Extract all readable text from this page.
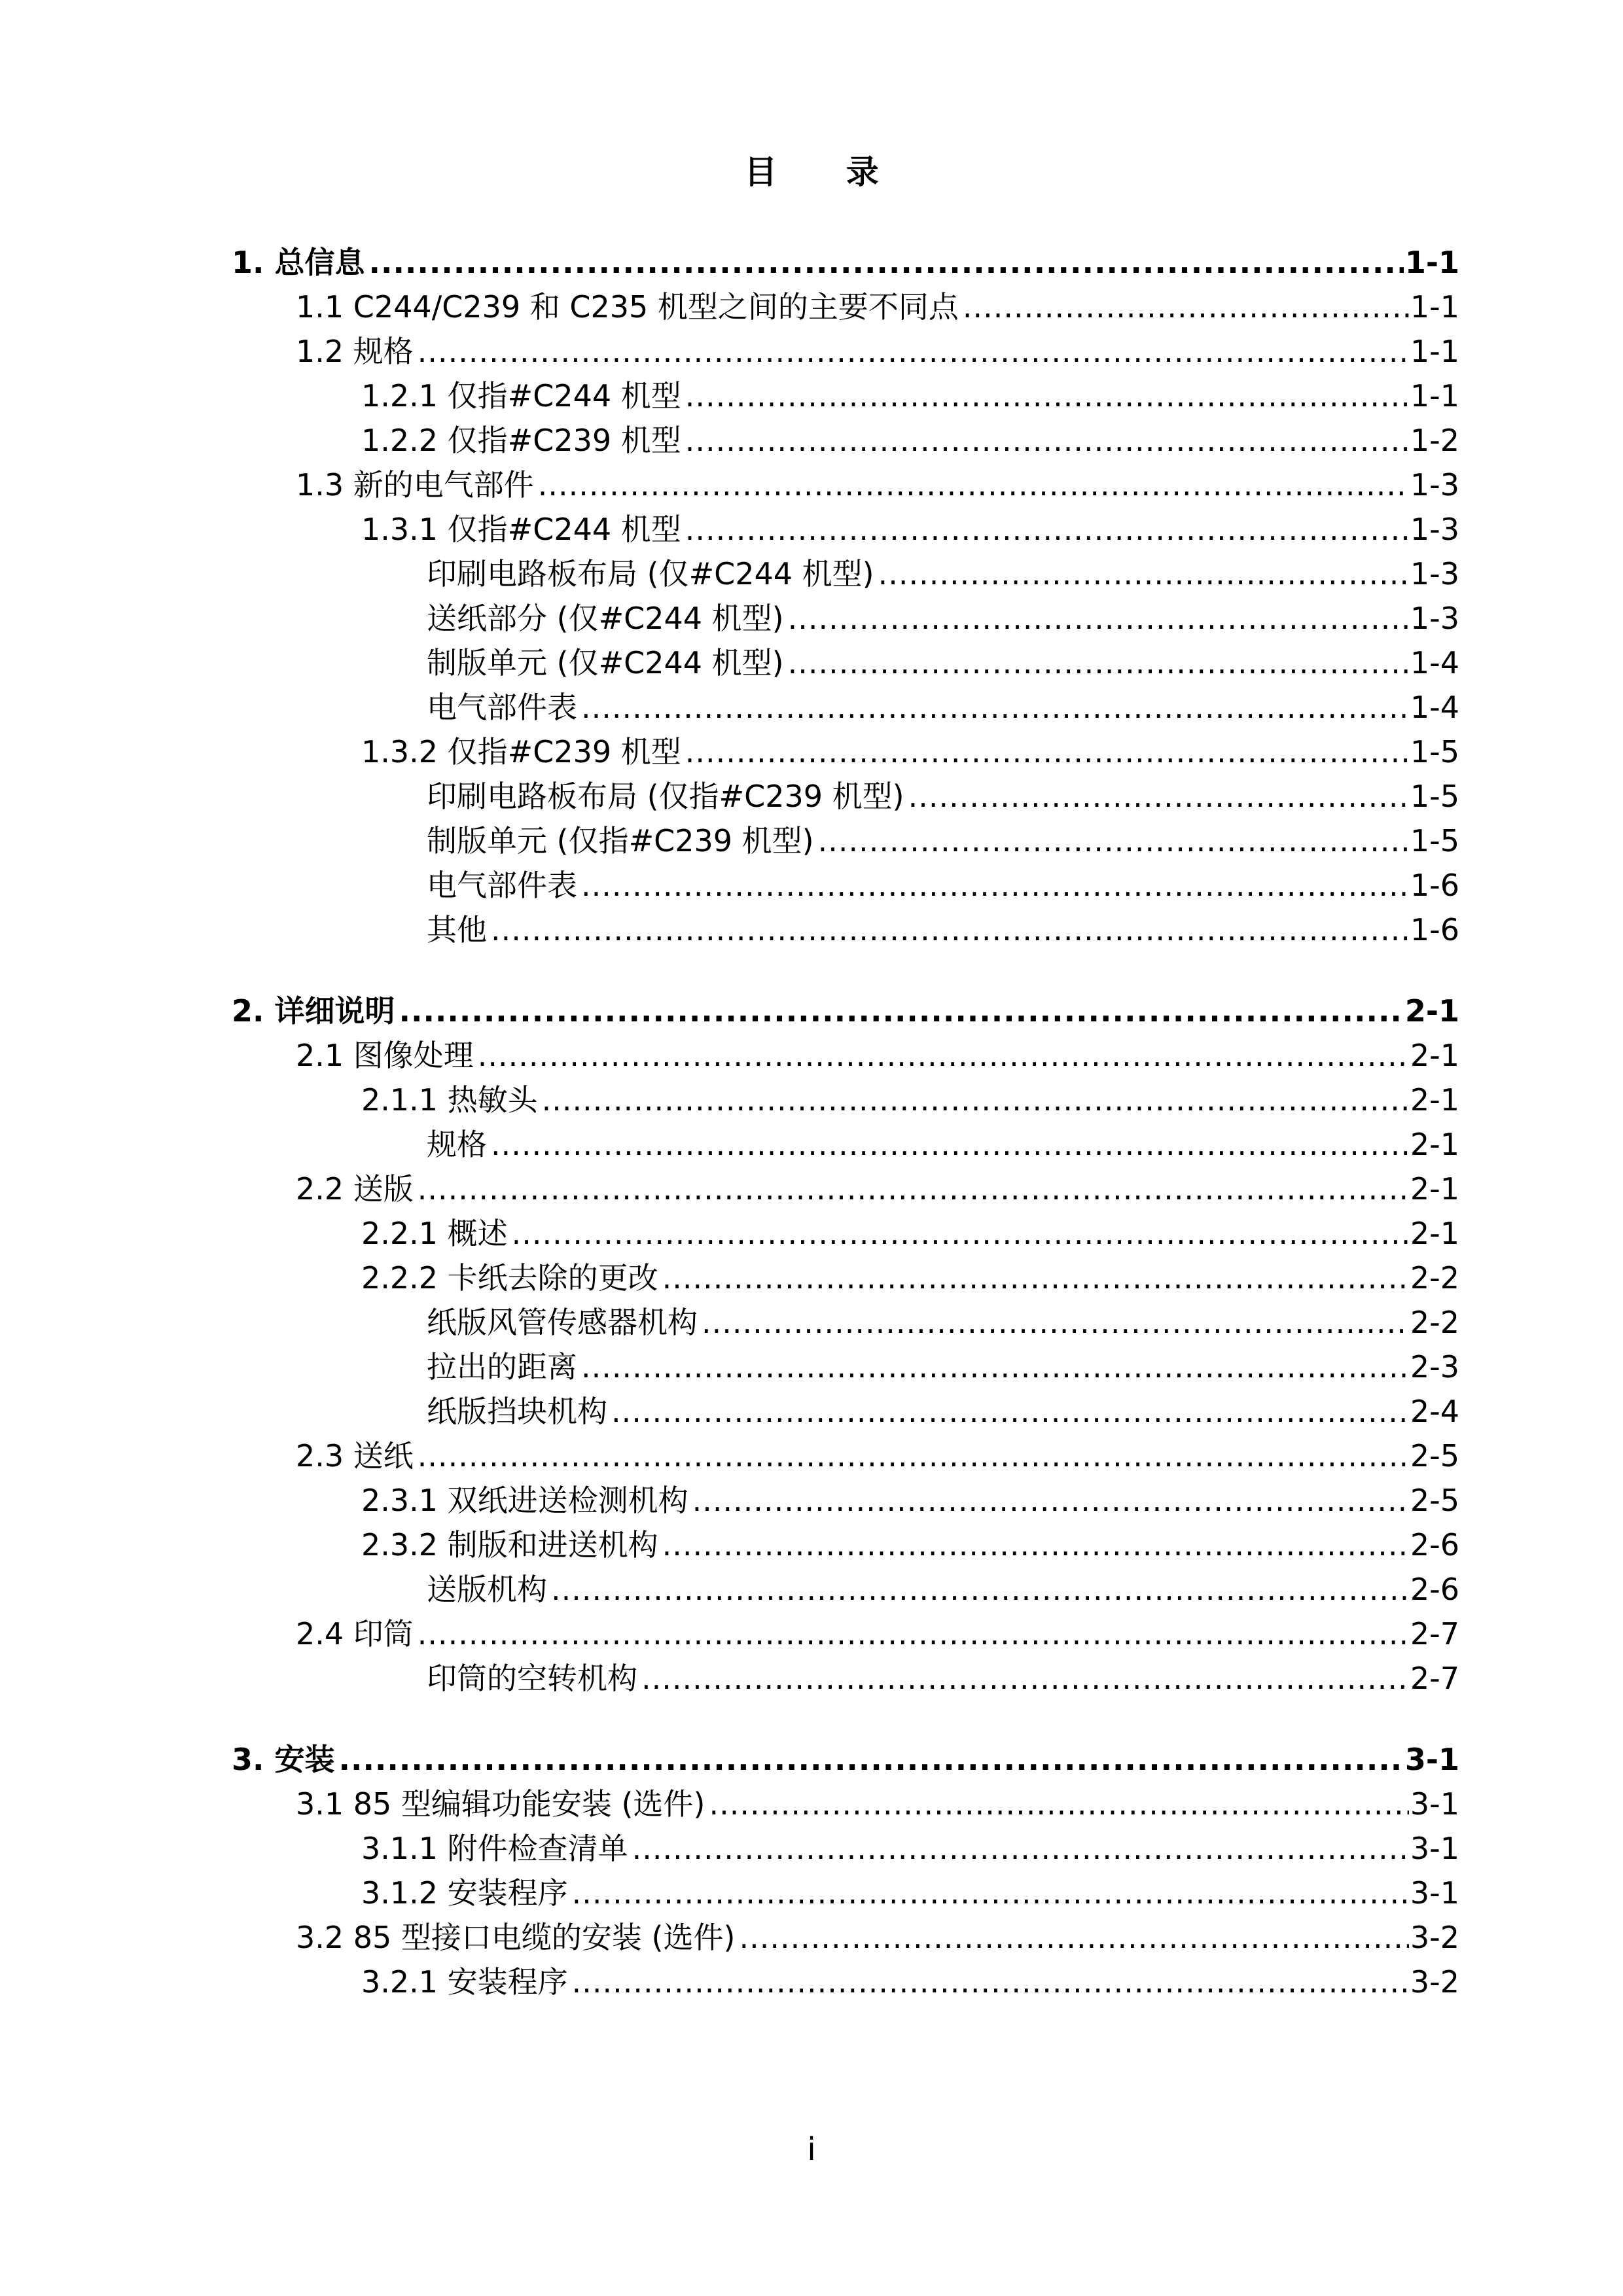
目 录
1. 总信息 .....	1-1
1.1 C244/C239 和 C235 机型之间的主要不同点 .....	1-1
1.2 规格 .....	1-1
1.2.1 仅指#C244 机型 .....	1-1
1.2.2 仅指#C239 机型 .....	1-2
1.3 新的电气部件 .....	1-3
1.3.1 仅指#C244 机型 .....	1-3
印刷电路板布局 (仅#C244 机型) .....	1-3
送纸部分 (仅#C244 机型) .....	1-3
制版单元 (仅#C244 机型) .....	1-4
电气部件表 .....	1-4
1.3.2 仅指#C239 机型 .....	1-5
印刷电路板布局 (仅指#C239 机型) .....	1-5
制版单元 (仅指#C239 机型) .....	1-5
电气部件表 .....	1-6
其他 .....	1-6
2. 详细说明 .....	2-1
2.1 图像处理 .....	2-1
2.1.1 热敏头 .....	2-1
规格 .....	2-1
2.2 送版 .....	2-1
2.2.1 概述 .....	2-1
2.2.2 卡纸去除的更改 .....	2-2
纸版风管传感器机构 .....	2-2
拉出的距离 .....	2-3
纸版挡块机构 .....	2-4
2.3 送纸 .....	2-5
2.3.1 双纸进送检测机构 .....	2-5
2.3.2 制版和进送机构 .....	2-6
送版机构 .....	2-6
2.4 印筒 .....	2-7
印筒的空转机构 .....	2-7
3. 安装 .....	3-1
3.1 85 型编辑功能安装 (选件) .....	3-1
3.1.1 附件检查清单 .....	3-1
3.1.2 安装程序 .....	3-1
3.2 85 型接口电缆的安装 (选件) .....	3-2
3.2.1 安装程序 .....	3-2
i
